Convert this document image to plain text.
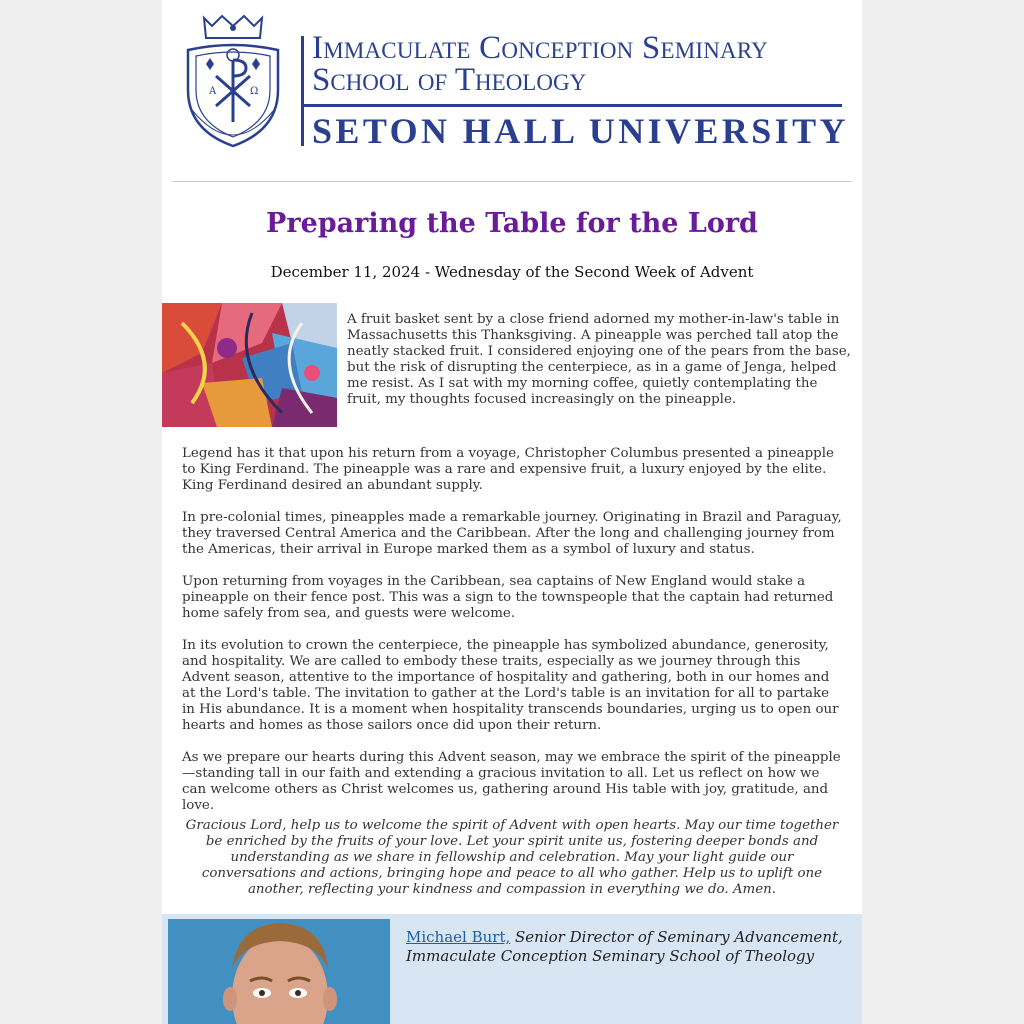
A	Ω
Immaculate Conception Seminary
School of Theology
SETON HALL UNIVERSITY
Preparing the Table for the Lord
December 11, 2024 - Wednesday of the Second Week of Advent

A fruit basket sent by a close friend adorned my mother-in-law's table in Massachusetts this Thanksgiving. A pineapple was perched tall atop the neatly stacked fruit. I considered enjoying one of the pears from the base, but the risk of disrupting the centerpiece, as in a game of Jenga, helped me resist. As I sat with my morning coffee, quietly contemplating the fruit, my thoughts focused increasingly on the pineapple.

Legend has it that upon his return from a voyage, Christopher Columbus presented a pineapple to King Ferdinand. The pineapple was a rare and expensive fruit, a luxury enjoyed by the elite. King Ferdinand desired an abundant supply.

In pre-colonial times, pineapples made a remarkable journey. Originating in Brazil and Paraguay, they traversed Central America and the Caribbean. After the long and challenging journey from the Americas, their arrival in Europe marked them as a symbol of luxury and status.

Upon returning from voyages in the Caribbean, sea captains of New England would stake a pineapple on their fence post. This was a sign to the townspeople that the captain had returned home safely from sea, and guests were welcome.

In its evolution to crown the centerpiece, the pineapple has symbolized abundance, generosity, and hospitality. We are called to embody these traits, especially as we journey through this Advent season, attentive to the importance of hospitality and gathering, both in our homes and at the Lord's table. The invitation to gather at the Lord's table is an invitation for all to partake in His abundance. It is a moment when hospitality transcends boundaries, urging us to open our hearts and homes as those sailors once did upon their return.

As we prepare our hearts during this Advent season, may we embrace the spirit of the pineapple—standing tall in our faith and extending a gracious invitation to all. Let us reflect on how we can welcome others as Christ welcomes us, gathering around His table with joy, gratitude, and love.

Gracious Lord, help us to welcome the spirit of Advent with open hearts. May our time together be enriched by the fruits of your love. Let your spirit unite us, fostering deeper bonds and understanding as we share in fellowship and celebration. May your light guide our conversations and actions, bringing hope and peace to all who gather. Help us to uplift one another, reflecting your kindness and compassion in everything we do. Amen.

Michael Burt, Senior Director of Seminary Advancement, Immaculate Conception Seminary School of Theology
